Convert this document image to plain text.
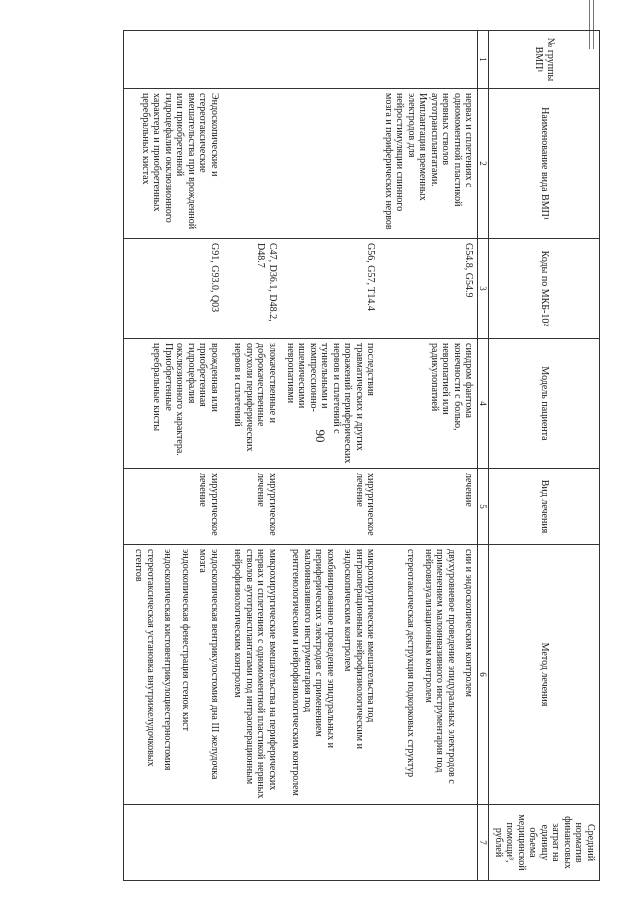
90
№ группы ВМП¹	Наименование вида ВМП¹	Коды по МКБ-10²	Модель пациента	Вид лечения	Метод лечения	Средний норматив финансовых затрат на единицу объема медицинской помощи³, рублей
1	2	3	4	5	6	7
	нервах и сплетениях с одномоментной пластикой нервных стволов аутотрансплантатами. Имплантация временных электродов для нейростимуляции спинного мозга и периферических нервов	G54.8, G54.9	синдром фантома конечности с болью, невропатией или радикулопатией	лечение	сии и эндоскопическим контролем
двухуровневое проведение эпидуральных электродов с применением малоинвазивного инструментария под нейровизуализационным контролем
стереотаксическая деструкция подкорковых структур	

		G56, G57, T14.4	последствия травматических и других поражений периферических нервов и сплетений с туннельными и компрессионно-ишемическими невропатиями	хирургическое лечение	микрохирургические вмешательства под интраоперационным нейрофизиологическим и эндоскопическим контролем
комбинированное проведение эпидуральных и периферических электродов с применением малоинвазивного инструментария под рентгенологическим и нейрофизиологическим контролем	

		C47, D36.1, D48.2, D48.7	злокачественные и доброкачественные опухоли периферических нервов и сплетений	хирургическое лечение	микрохирургические вмешательства на периферических нервах и сплетениях с одномоментной пластикой нервных стволов аутотрансплантатами под интраоперационным нейрофизиологическим контролем	

	Эндоскопические и стереотаксические вмешательства при врожденной или приобретенной гидроцефалии окклюзионного характера и приобретенных церебральных кистах	G91, G93.0, Q03	врожденная или приобретенная гидроцефалия окклюзионного характера. Приобретенные церебральные кисты	хирургическое лечение	эндоскопическая вентрикулостомия дна III желудочка мозга
эндоскопическая фенестрация стенок кист
эндоскопическая кистовентрикулоциестерностомия
стереотаксическая установка внутрижелудочковых стентов	
